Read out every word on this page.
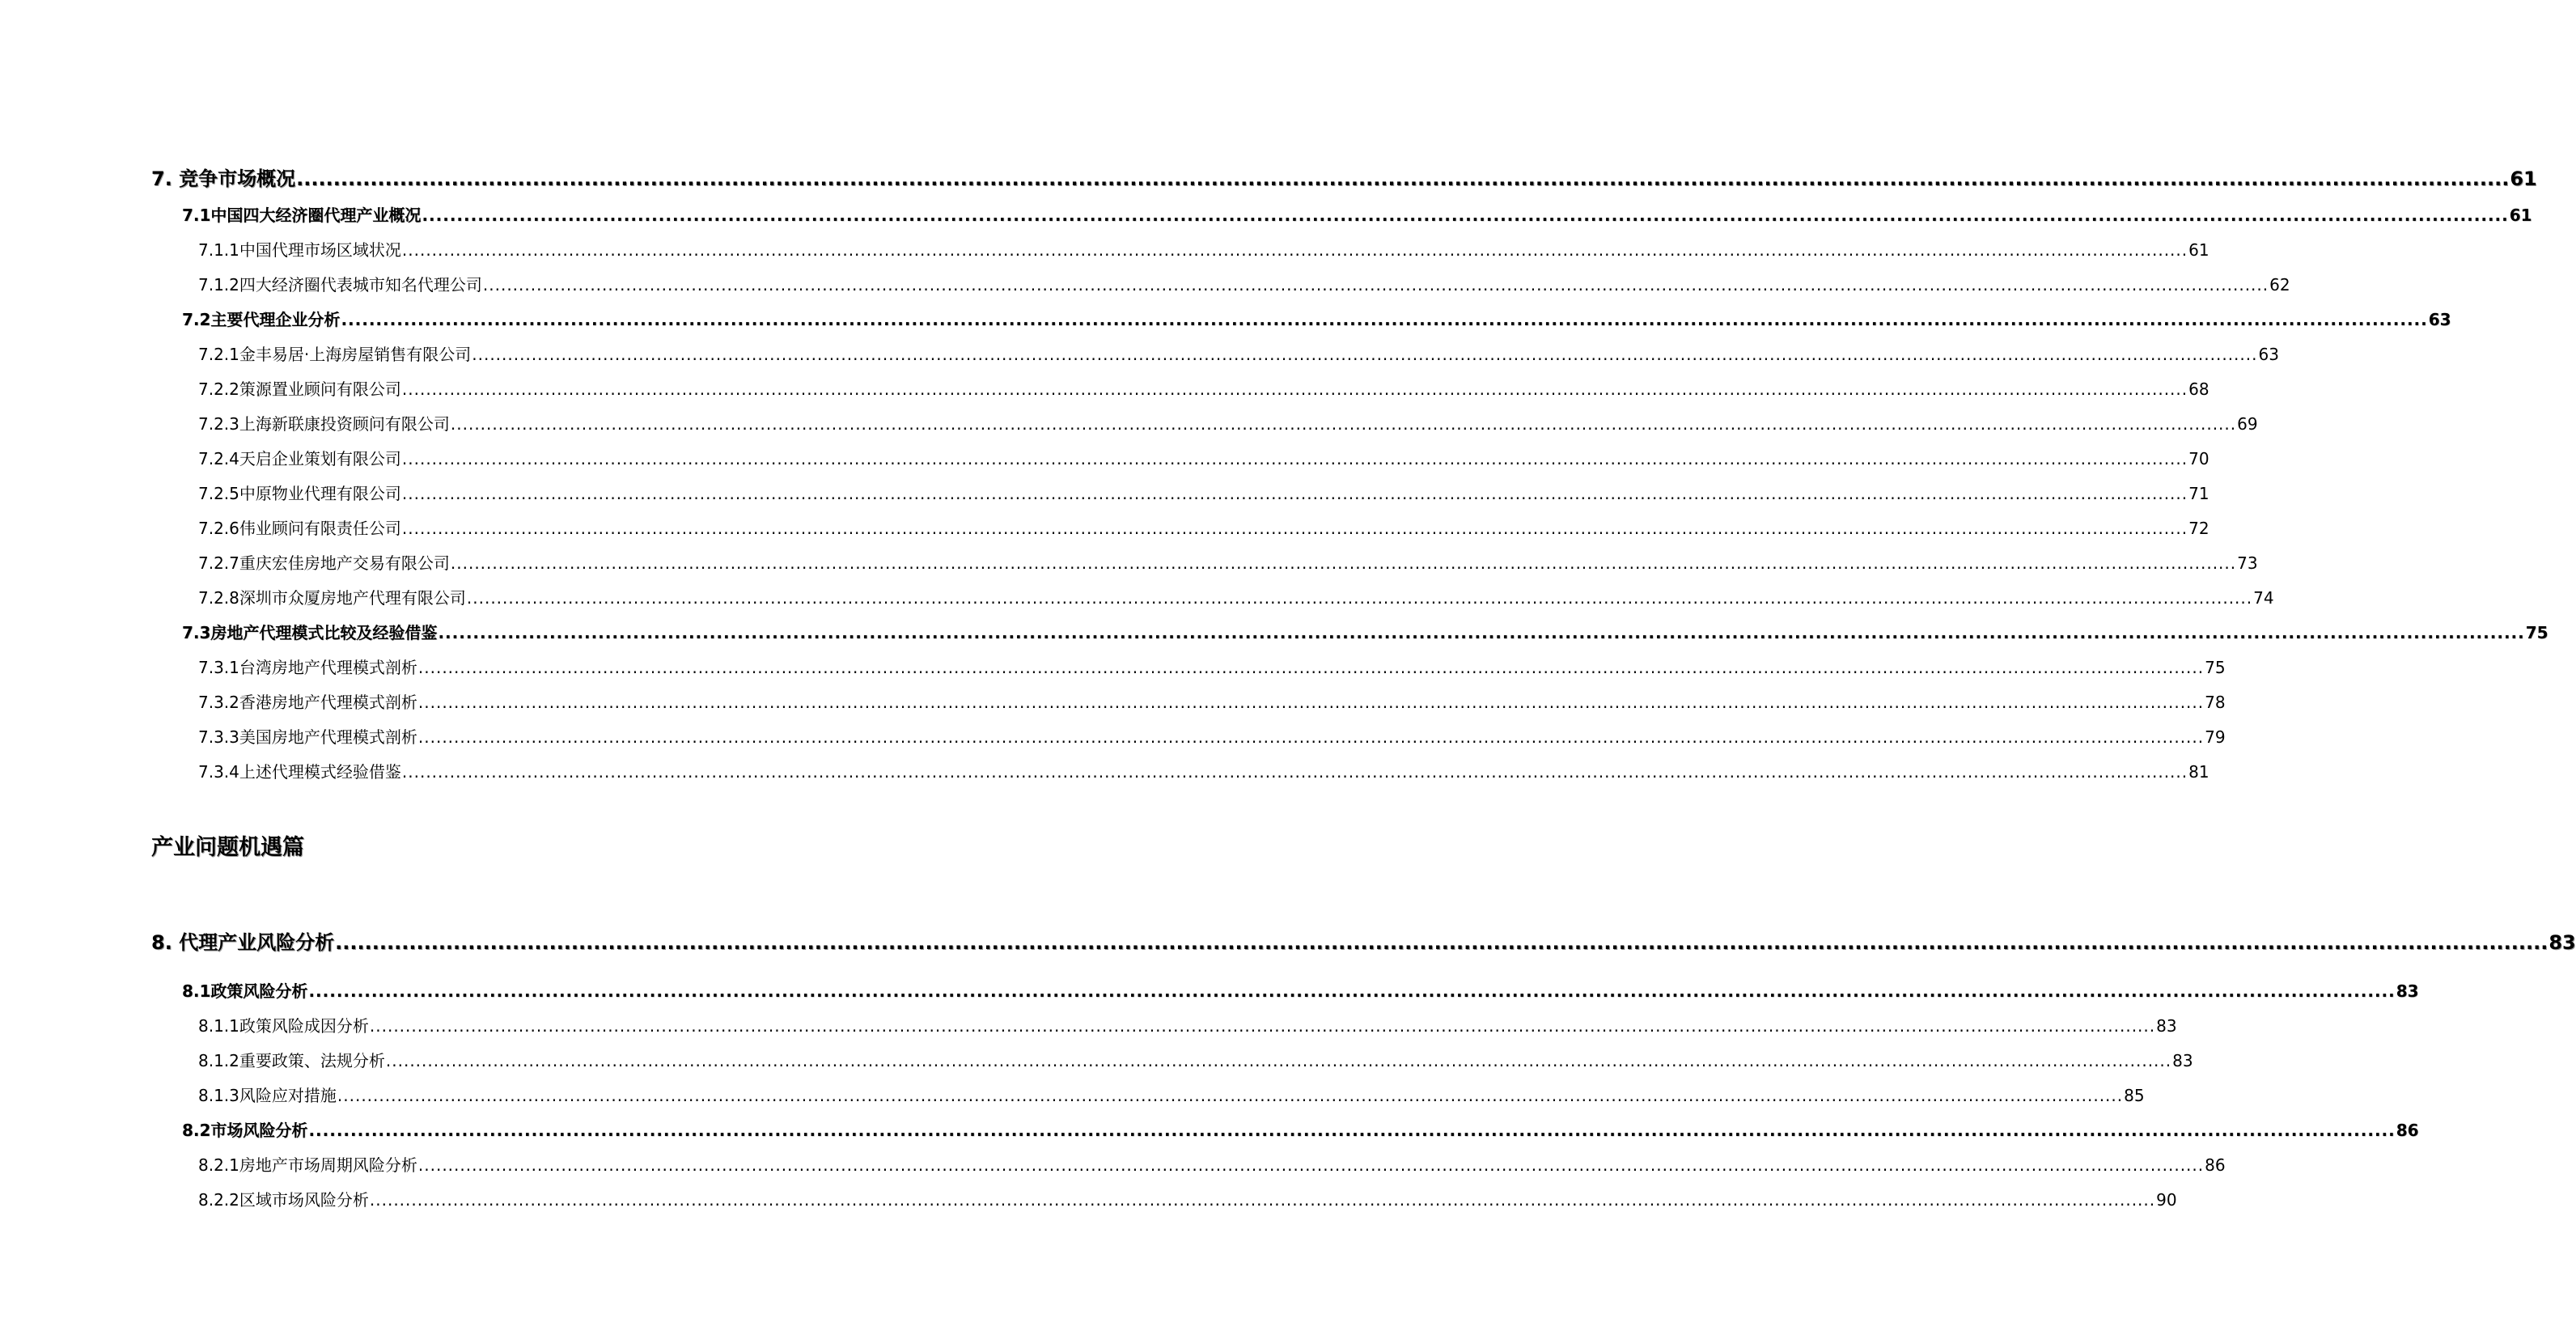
7. 竞争市场概况 ............................................................................................................................................................................................................................................................................................................ 61
7.1中国四大经济圈代理产业概况 ............................................................................................................................................................................................................................................................................................................ 61
7.1.1中国代理市场区域状况 ............................................................................................................................................................................................................................................................................................................ 61
7.1.2四大经济圈代表城市知名代理公司 ............................................................................................................................................................................................................................................................................................................ 62
7.2主要代理企业分析 ............................................................................................................................................................................................................................................................................................................ 63
7.2.1金丰易居·上海房屋销售有限公司 ............................................................................................................................................................................................................................................................................................................ 63
7.2.2策源置业顾问有限公司 ............................................................................................................................................................................................................................................................................................................ 68
7.2.3上海新联康投资顾问有限公司 ............................................................................................................................................................................................................................................................................................................ 69
7.2.4天启企业策划有限公司 ............................................................................................................................................................................................................................................................................................................ 70
7.2.5中原物业代理有限公司 ............................................................................................................................................................................................................................................................................................................ 71
7.2.6伟业顾问有限责任公司 ............................................................................................................................................................................................................................................................................................................ 72
7.2.7重庆宏佳房地产交易有限公司 ............................................................................................................................................................................................................................................................................................................ 73
7.2.8深圳市众厦房地产代理有限公司 ............................................................................................................................................................................................................................................................................................................ 74
7.3房地产代理模式比较及经验借鉴 ............................................................................................................................................................................................................................................................................................................ 75
7.3.1台湾房地产代理模式剖析 ............................................................................................................................................................................................................................................................................................................ 75
7.3.2香港房地产代理模式剖析 ............................................................................................................................................................................................................................................................................................................ 78
7.3.3美国房地产代理模式剖析 ............................................................................................................................................................................................................................................................................................................ 79
7.3.4上述代理模式经验借鉴 ............................................................................................................................................................................................................................................................................................................ 81
产业问题机遇篇
8. 代理产业风险分析 ............................................................................................................................................................................................................................................................................................................ 83
8.1政策风险分析 ............................................................................................................................................................................................................................................................................................................ 83
8.1.1政策风险成因分析 ............................................................................................................................................................................................................................................................................................................ 83
8.1.2重要政策、法规分析 ............................................................................................................................................................................................................................................................................................................ 83
8.1.3风险应对措施 ............................................................................................................................................................................................................................................................................................................ 85
8.2市场风险分析 ............................................................................................................................................................................................................................................................................................................ 86
8.2.1房地产市场周期风险分析 ............................................................................................................................................................................................................................................................................................................ 86
8.2.2区域市场风险分析 ............................................................................................................................................................................................................................................................................................................ 90
